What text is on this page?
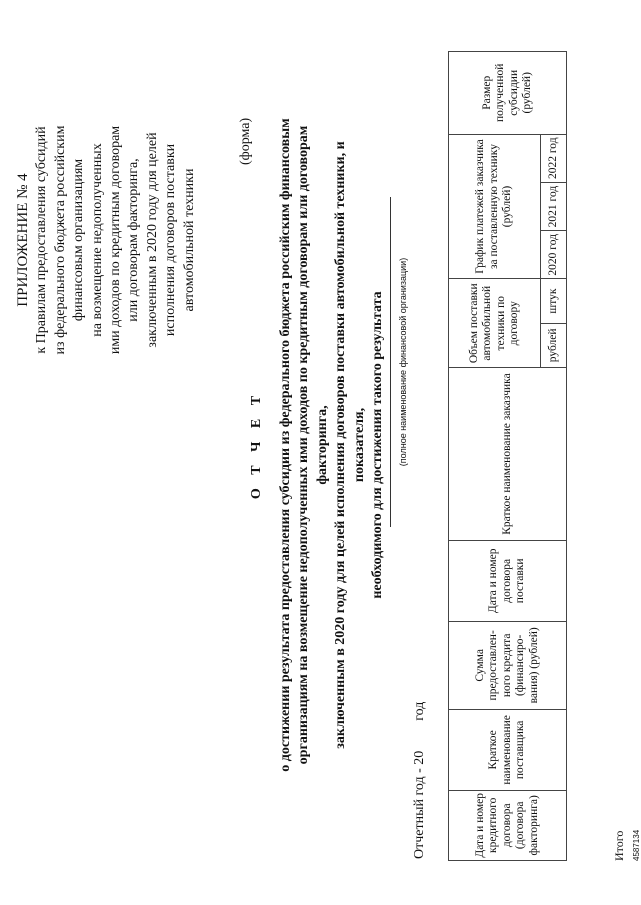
ПРИЛОЖЕНИЕ № 4 к Правилам предоставления субсидий из федерального бюджета российским финансовым организациям на возмещение недополученных ими доходов по кредитным договорам или договорам факторинга, заключенным в 2020 году для целей исполнения договоров поставки автомобильной техники
(форма)
О Т Ч Е Т о достижении результата предоставления субсидии из федерального бюджета российским финансовым организациям на возмещение недополученных ими доходов по кредитным договорам или договорам факторинга, заключенным в 2020 году для целей исполнения договоров поставки автомобильной техники, и показателя, необходимого для достижения такого результата (полное наименование финансовой организации)
Отчетный год - 20год
Дата и номер кредитного договора (договора факторинга)	Краткое наименование поставщика	Сумма предоставлен-ного кредита (финансиро-вания) (рублей)	Дата и номер договора поставки	Краткое наименование заказчика	Объем поставки автомобильной техники по договору		График платежей заказчика за поставленную технику (рублей)			Размер полученной субсидии (рублей)
					рублей	штук	2020 год	2021 год	2022 год	
Итого 4587134
